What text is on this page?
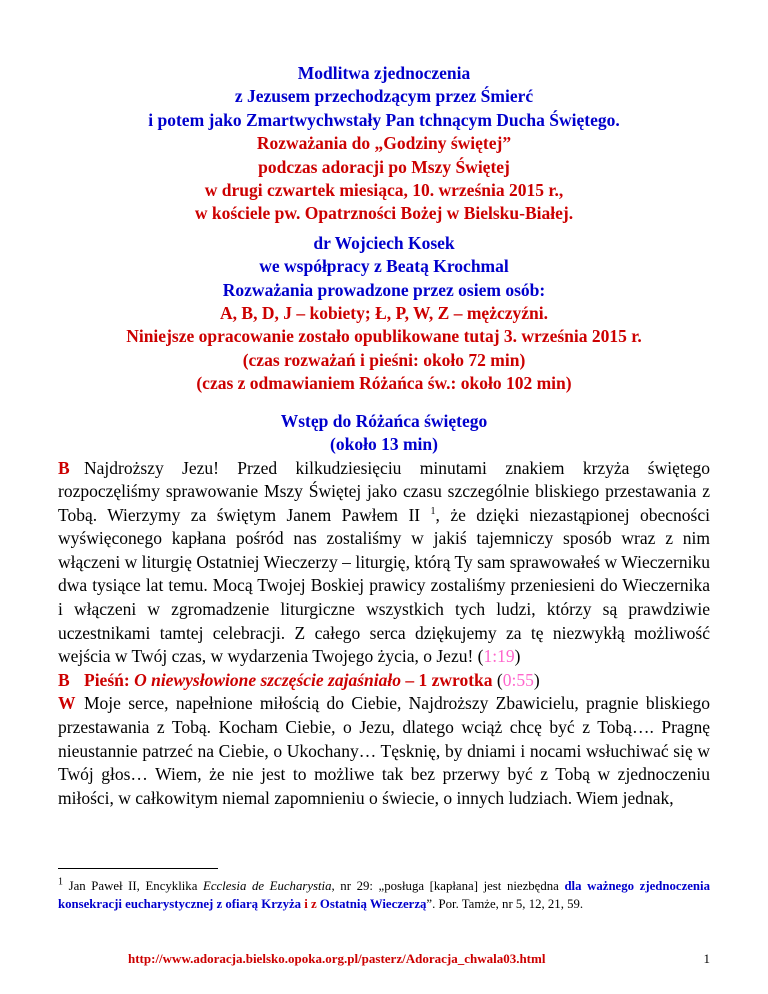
Modlitwa zjednoczenia
z Jezusem przechodzącym przez Śmierć
i potem jako Zmartwychwstały Pan tchnącym Ducha Świętego.
Rozważania do „Godziny świętej”
podczas adoracji po Mszy Świętej
w drugi czwartek miesiąca, 10. września 2015 r.,
w kościele pw. Opatrzności Bożej w Bielsku-Białej.
dr Wojciech Kosek
we współpracy z Beatą Krochmal
Rozważania prowadzone przez osiem osób:
A, B, D, J – kobiety; Ł, P, W, Z – mężczyźni.
Niniejsze opracowanie zostało opublikowane tutaj 3. września 2015 r.
(czas rozważań i pieśni: około 72 min)
(czas z odmawianiem Różańca św.: około 102 min)
Wstęp do Różańca świętego
(około 13 min)

B Najdroższy Jezu! Przed kilkudziesięciu minutami znakiem krzyża świętego rozpoczęliśmy sprawowanie Mszy Świętej jako czasu szczególnie bliskiego przestawania z Tobą. Wierzymy za świętym Janem Pawłem II $^1$, że dzięki niezastąpionej obecności wyświęconego kapłana pośród nas zostaliśmy w jakiś tajemniczy sposób wraz z nim włączeni w liturgię Ostatniej Wieczerzy – liturgię, którą Ty sam sprawowałeś w Wieczerniku dwa tysiące lat temu. Mocą Twojej Boskiej prawicy zostaliśmy przeniesieni do Wieczernika i włączeni w zgromadzenie liturgiczne wszystkich tych ludzi, którzy są prawdziwie uczestnikami tamtej celebracji. Z całego serca dziękujemy za tę niezwykłą możliwość wejścia w Twój czas, w wydarzenia Twojego życia, o Jezu! (1:19)

B Pieśń: O niewysłowione szczęście zajaśniało – 1 zwrotka (0:55)

W Moje serce, napełnione miłością do Ciebie, Najdroższy Zbawicielu, pragnie bliskiego przestawania z Tobą. Kocham Ciebie, o Jezu, dlatego wciąż chcę być z Tobą…. Pragnę nieustannie patrzeć na Ciebie, o Ukochany… Tęsknię, by dniami i nocami wsłuchiwać się w Twój głos… Wiem, że nie jest to możliwe tak bez przerwy być z Tobą w zjednoczeniu miłości, w całkowitym niemal zapomnieniu o świecie, o innych ludziach. Wiem jednak,

$^1$ Jan Paweł II, Encyklika Ecclesia de Eucharystia, nr 29: „posługa [kapłana] jest niezbędna dla ważnego zjednoczenia konsekracji eucharystycznej z ofiarą Krzyża i z Ostatnią Wieczerzą”. Por. Tamże, nr 5, 12, 21, 59.
http://www.adoracja.bielsko.opoka.org.pl/pasterz/Adoracja_chwala03.html	1
